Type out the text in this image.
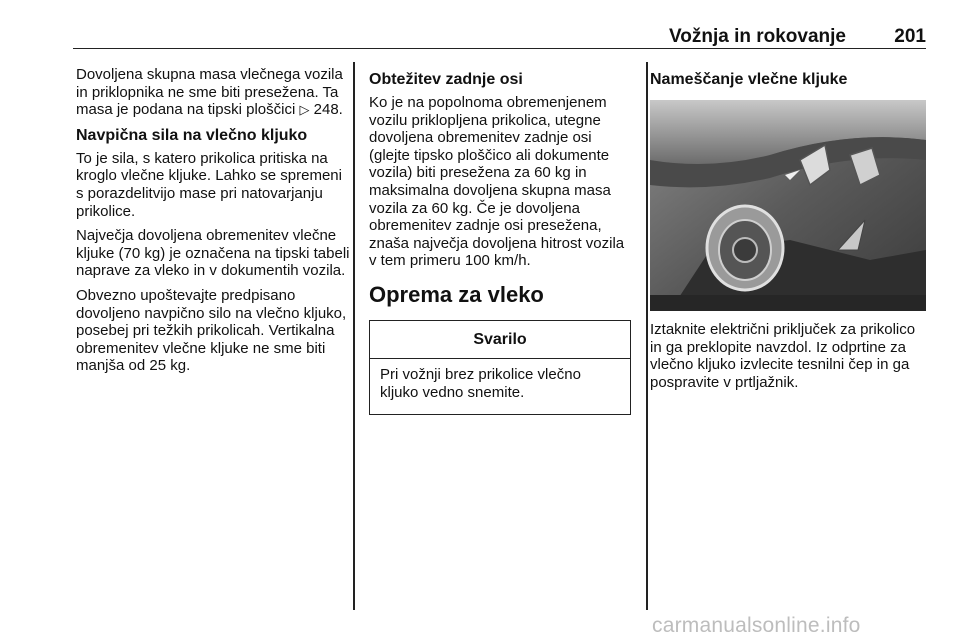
Vožnja in rokovanje	201

Dovoljena skupna masa vlečnega vozila in priklopnika ne sme biti presežena. Ta masa je podana na tipski ploščici ▷ 248.

Navpična sila na vlečno kljuko

To je sila, s katero prikolica pritiska na kroglo vlečne kljuke. Lahko se spremeni s porazdelitvijo mase pri natovarjanju prikolice.

Največja dovoljena obremenitev vlečne kljuke (70 kg) je označena na tipski tabeli naprave za vleko in v dokumentih vozila.

Obvezno upoštevajte predpisano dovoljeno navpično silo na vlečno kljuko, posebej pri težkih prikolicah. Vertikalna obremenitev vlečne kljuke ne sme biti manjša od 25 kg.

Obtežitev zadnje osi

Ko je na popolnoma obremenjenem vozilu priklopljena prikolica, utegne dovoljena obremenitev zadnje osi (glejte tipsko ploščico ali dokumente vozila) biti presežena za 60 kg in maksimalna dovoljena skupna masa vozila za 60 kg. Če je dovoljena obremenitev zadnje osi presežena, znaša največja dovoljena hitrost vozila v tem primeru 100 km/h.

Oprema za vleko
Svarilo

Pri vožnji brez prikolice vlečno kljuko vedno snemite.

Nameščanje vlečne kljuke

Iztaknite električni priključek za prikolico in ga preklopite navzdol. Iz odprtine za vlečno kljuko izvlecite tesnilni čep in ga pospravite v prtljažnik.

carmanualsonline.info
